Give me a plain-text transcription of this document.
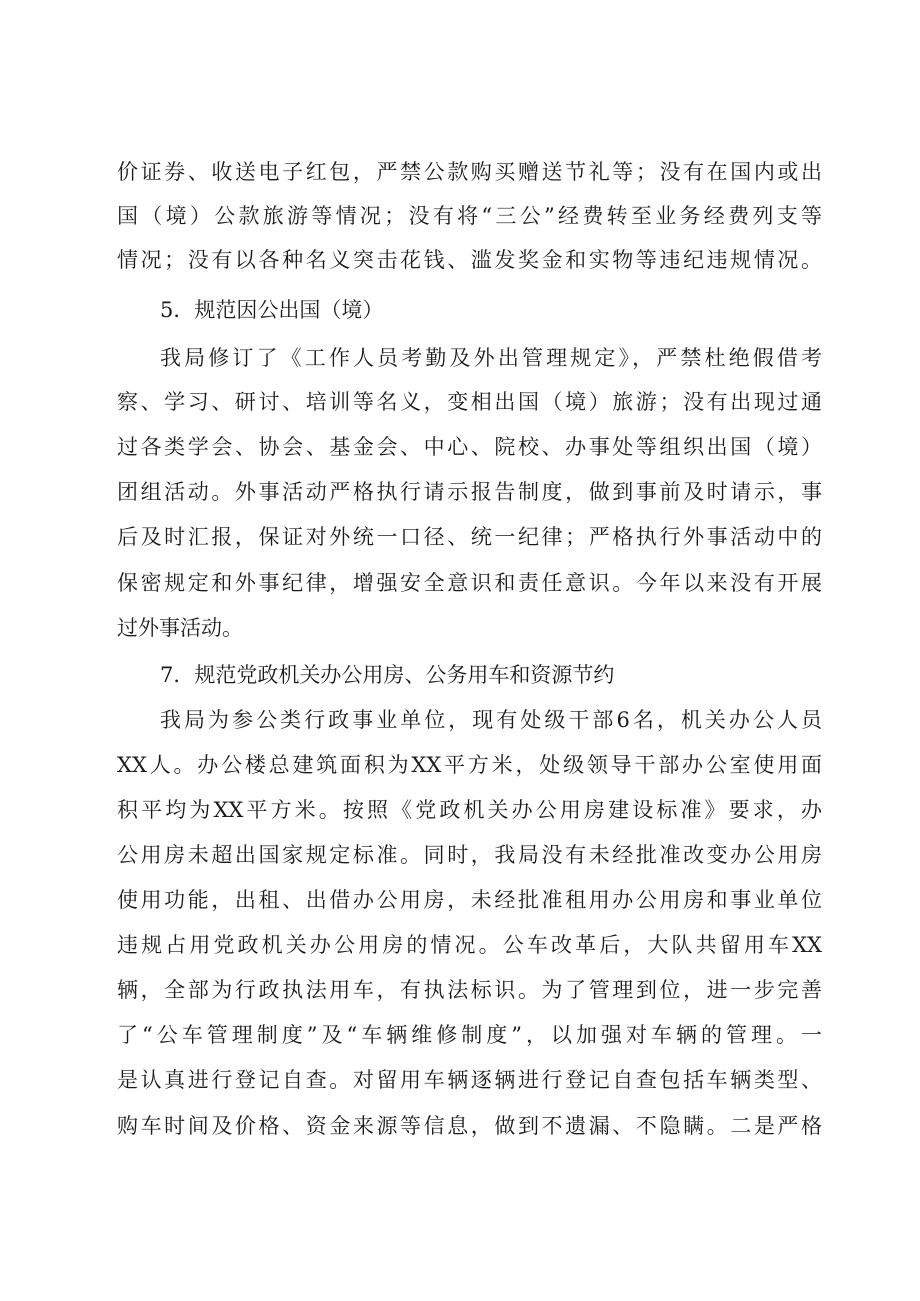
价证券、收送电子红包，严禁公款购买赠送节礼等；没有在国内或出
国（境）公款旅游等情况；没有将“三公”经费转至业务经费列支等
情况；没有以各种名义突击花钱、滥发奖金和实物等违纪违规情况。
5．规范因公出国（境）
我局修订了《工作人员考勤及外出管理规定》，严禁杜绝假借考
察、学习、研讨、培训等名义，变相出国（境）旅游；没有出现过通
过各类学会、协会、基金会、中心、院校、办事处等组织出国（境）
团组活动。外事活动严格执行请示报告制度，做到事前及时请示，事
后及时汇报，保证对外统一口径、统一纪律；严格执行外事活动中的
保密规定和外事纪律，增强安全意识和责任意识。今年以来没有开展
过外事活动。
7．规范党政机关办公用房、公务用车和资源节约
我局为参公类行政事业单位，现有处级干部6名，机关办公人员
XX人。办公楼总建筑面积为XX平方米，处级领导干部办公室使用面
积平均为XX平方米。按照《党政机关办公用房建设标准》要求，办
公用房未超出国家规定标准。同时，我局没有未经批准改变办公用房
使用功能，出租、出借办公用房，未经批准租用办公用房和事业单位
违规占用党政机关办公用房的情况。公车改革后，大队共留用车XX
辆，全部为行政执法用车，有执法标识。为了管理到位，进一步完善
了“公车管理制度”及“车辆维修制度”，以加强对车辆的管理。一
是认真进行登记自查。对留用车辆逐辆进行登记自查包括车辆类型、
购车时间及价格、资金来源等信息，做到不遗漏、不隐瞒。二是严格
